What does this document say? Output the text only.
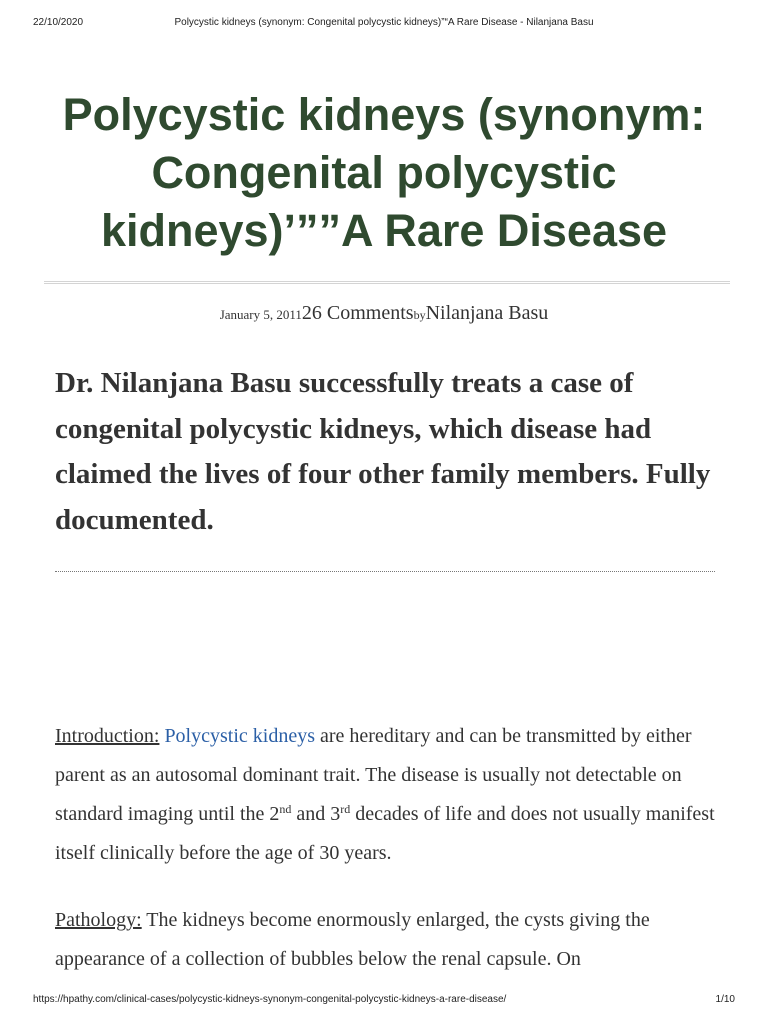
22/10/2020	Polycystic kidneys (synonym: Congenital polycystic kidneys)”“A Rare Disease - Nilanjana Basu
Polycystic kidneys (synonym: Congenital polycystic kidneys)’””A Rare Disease
January 5, 201126 CommentsbyNilanjana Basu

Dr. Nilanjana Basu successfully treats a case of congenital polycystic kidneys, which disease had claimed the lives of four other family members. Fully documented.

Introduction: Polycystic kidneys are hereditary and can be transmitted by either parent as an autosomal dominant trait. The disease is usually not detectable on standard imaging until the 2nd and 3rd decades of life and does not usually manifest itself clinically before the age of 30 years.

Pathology: The kidneys become enormously enlarged, the cysts giving the appearance of a collection of bubbles below the renal capsule. On

https://hpathy.com/clinical-cases/polycystic-kidneys-synonym-congenital-polycystic-kidneys-a-rare-disease/	1/10
